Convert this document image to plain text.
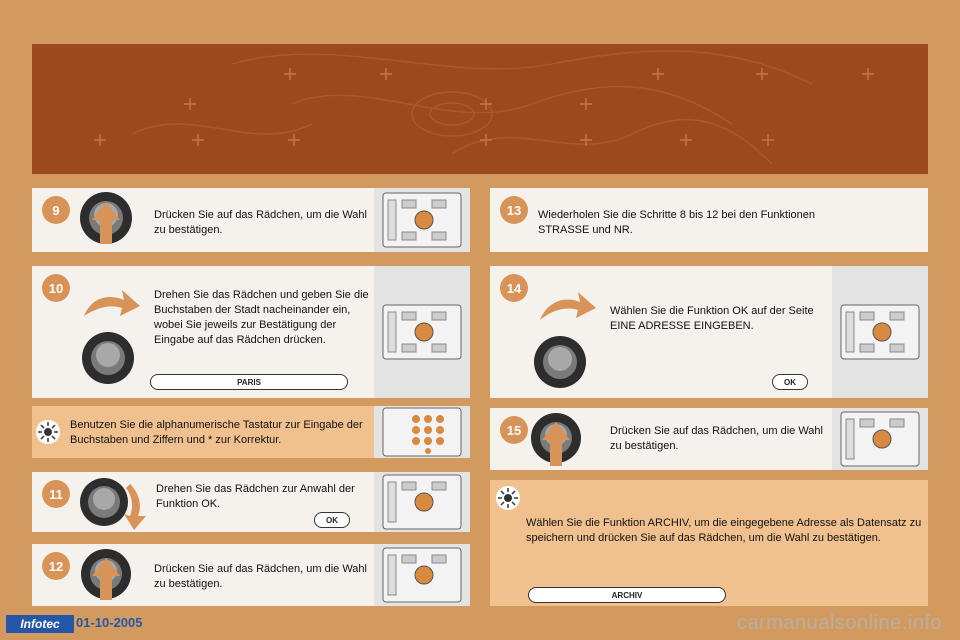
9	Drücken Sie auf das Rädchen, um die Wahl zu bestätigen.
10	Drehen Sie das Rädchen und geben Sie die Buchstaben der Stadt nacheinander ein, wobei Sie jeweils zur Bestätigung der Eingabe auf das Rädchen drücken.
PARIS
Benutzen Sie die alphanumerische Tastatur zur Eingabe der Buchstaben und Ziffern und * zur Korrektur.
11	Drehen Sie das Rädchen zur Anwahl der Funktion OK.
OK
12	Drücken Sie auf das Rädchen, um die Wahl zu bestätigen.
13	Wiederholen Sie die Schritte 8 bis 12 bei den Funktionen STRASSE und NR.
14
Wählen Sie die Funktion OK auf der Seite EINE ADRESSE EINGEBEN.
OK
15	Drücken Sie auf das Rädchen, um die Wahl zu bestätigen.
Wählen Sie die Funktion ARCHIV, um die eingegebene Adresse als Datensatz zu speichern und drücken Sie auf das Rädchen, um die Wahl zu bestätigen.
ARCHIV
Infotec	01-10-2005	carmanualsonline.info
